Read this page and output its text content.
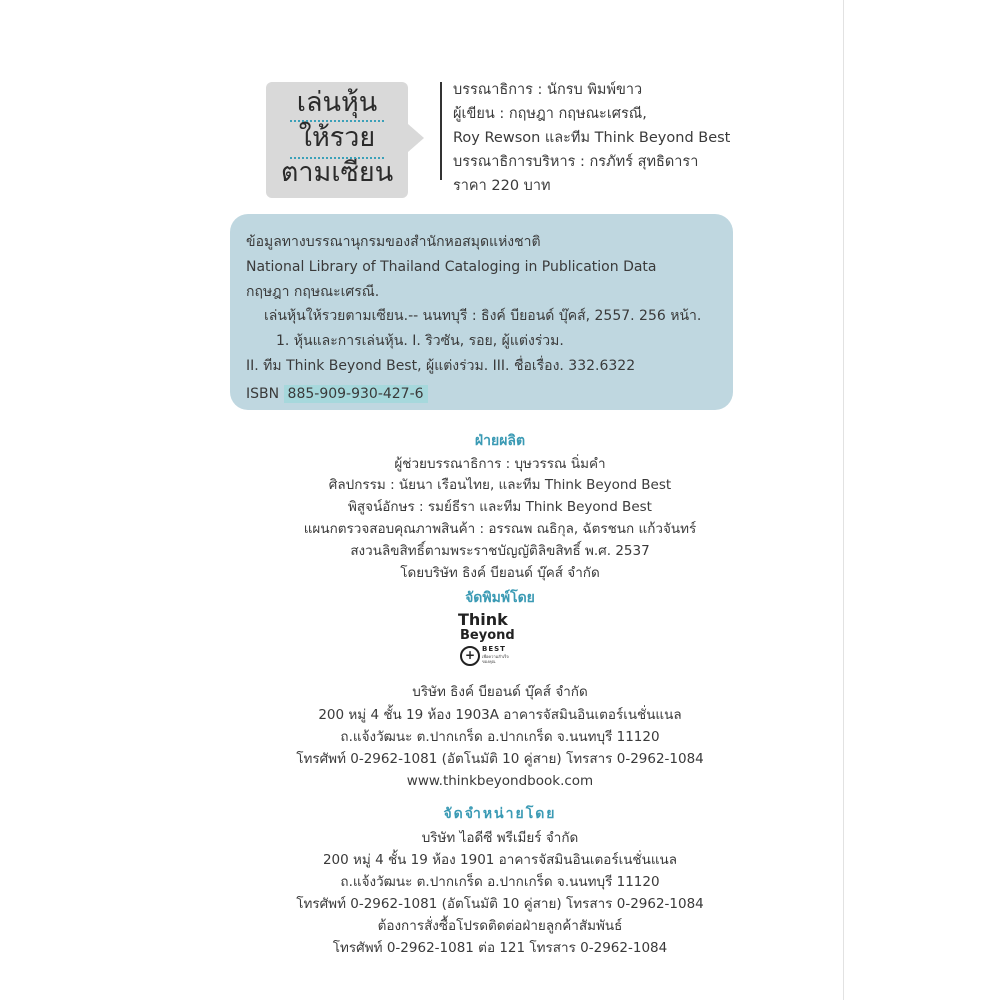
เล่นหุ้น
ให้รวย
ตามเซียน
บรรณาธิการ : นักรบ พิมพ์ขาว
ผู้เขียน : กฤษฎา กฤษณะเศรณี,
Roy Rewson และทีม Think Beyond Best
บรรณาธิการบริหาร : กรภัทร์ สุทธิดารา
ราคา 220 บาท
ข้อมูลทางบรรณานุกรมของสำนักหอสมุดแห่งชาติ
National Library of Thailand Cataloging in Publication Data
กฤษฎา กฤษณะเศรณี.
เล่นหุ้นให้รวยตามเซียน.-- นนทบุรี : ธิงค์ บียอนด์ บุ๊คส์, 2557. 256 หน้า.
1. หุ้นและการเล่นหุ้น. I. ริวซัน, รอย, ผู้แต่งร่วม.
II. ทีม Think Beyond Best, ผู้แต่งร่วม. III. ชื่อเรื่อง. 332.6322
ISBN 885-909-930-427-6
ฝ่ายผลิต
ผู้ช่วยบรรณาธิการ : บุษวรรณ นิ่มคำ
ศิลปกรรม : นัยนา เรือนไทย, และทีม Think Beyond Best
พิสูจน์อักษร : รมย์ธีรา และทีม Think Beyond Best
แผนกตรวจสอบคุณภาพสินค้า : อรรณพ ณธิกุล, ฉัตรชนก แก้วจันทร์
สงวนลิขสิทธิ์ตามพระราชบัญญัติลิขสิทธิ์ พ.ศ. 2537
โดยบริษัท ธิงค์ บียอนด์ บุ๊คส์ จำกัด
จัดพิมพ์โดย
Think
Beyond
+ BEST
เพื่อความสำเร็จของคุณ
บริษัท ธิงค์ บียอนด์ บุ๊คส์ จำกัด
200 หมู่ 4 ชั้น 19 ห้อง 1903A อาคารจัสมินอินเตอร์เนชั่นแนล
ถ.แจ้งวัฒนะ ต.ปากเกร็ด อ.ปากเกร็ด จ.นนทบุรี 11120
โทรศัพท์ 0-2962-1081 (อัตโนมัติ 10 คู่สาย) โทรสาร 0-2962-1084
www.thinkbeyondbook.com
จัดจำหน่ายโดย
บริษัท ไอดีซี พรีเมียร์ จำกัด
200 หมู่ 4 ชั้น 19 ห้อง 1901 อาคารจัสมินอินเตอร์เนชั่นแนล
ถ.แจ้งวัฒนะ ต.ปากเกร็ด อ.ปากเกร็ด จ.นนทบุรี 11120
โทรศัพท์ 0-2962-1081 (อัตโนมัติ 10 คู่สาย) โทรสาร 0-2962-1084
ต้องการสั่งซื้อโปรดติดต่อฝ่ายลูกค้าสัมพันธ์
โทรศัพท์ 0-2962-1081 ต่อ 121 โทรสาร 0-2962-1084
